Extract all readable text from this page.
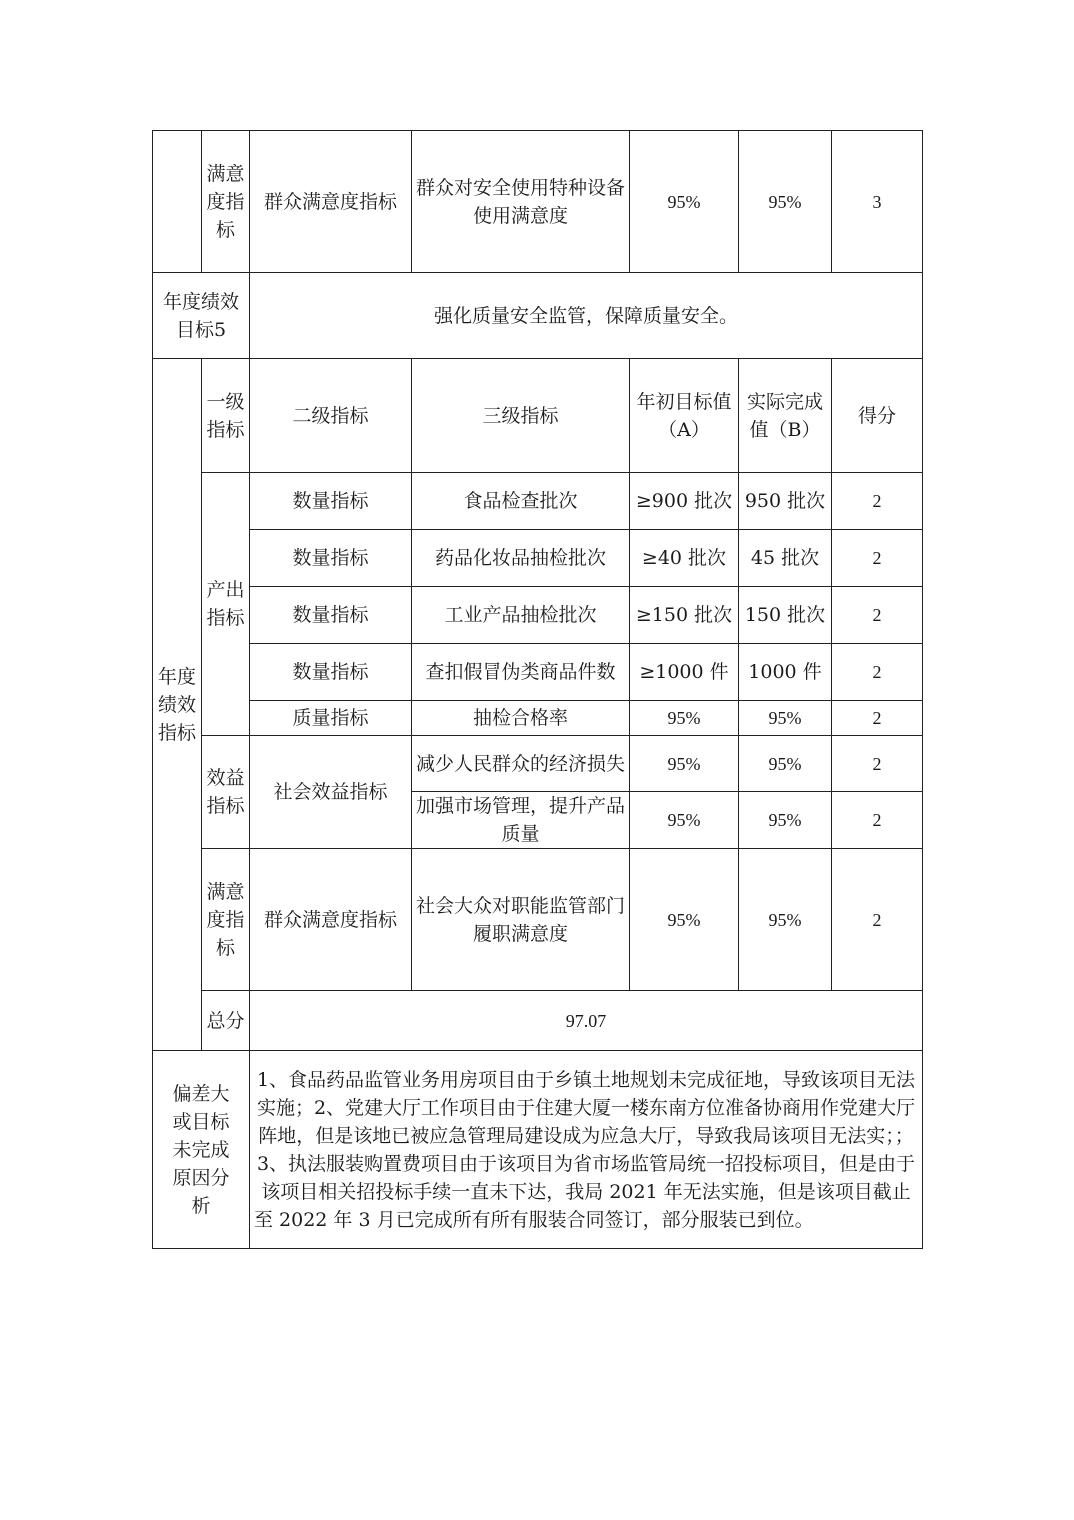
	满意度指标	群众满意度指标	群众对安全使用特种设备使用满意度	95%	95%	3
年度绩效目标5		强化质量安全监管，保障质量安全。				
年度绩效指标	一级指标	二级指标	三级指标	年初目标值（A）	实际完成值（B）	得分
	产出指标	数量指标	食品检查批次	≥900 批次	950 批次	2
		数量指标	药品化妆品抽检批次	≥40 批次	45 批次	2
		数量指标	工业产品抽检批次	≥150 批次	150 批次	2
		数量指标	查扣假冒伪类商品件数	≥1000 件	1000 件	2
		质量指标	抽检合格率	95%	95%	2
	效益指标	社会效益指标	减少人民群众的经济损失	95%	95%	2
			加强市场管理，提升产品质量	95%	95%	2
	满意度指标	群众满意度指标	社会大众对职能监管部门履职满意度	95%	95%	2
	总分	97.07				
偏差大或目标未完成原因分析		1、食品药品监管业务用房项目由于乡镇土地规划未完成征地，导致该项目无法实施；2、党建大厅工作项目由于住建大厦一楼东南方位准备协商用作党建大厅阵地，但是该地已被应急管理局建设成为应急大厅，导致我局该项目无法实；；3、执法服装购置费项目由于该项目为省市场监管局统一招投标项目，但是由于该项目相关招投标手续一直未下达，我局 2021 年无法实施，但是该项目截止至 2022 年 3 月已完成所有所有服装合同签订，部分服装已到位。				
